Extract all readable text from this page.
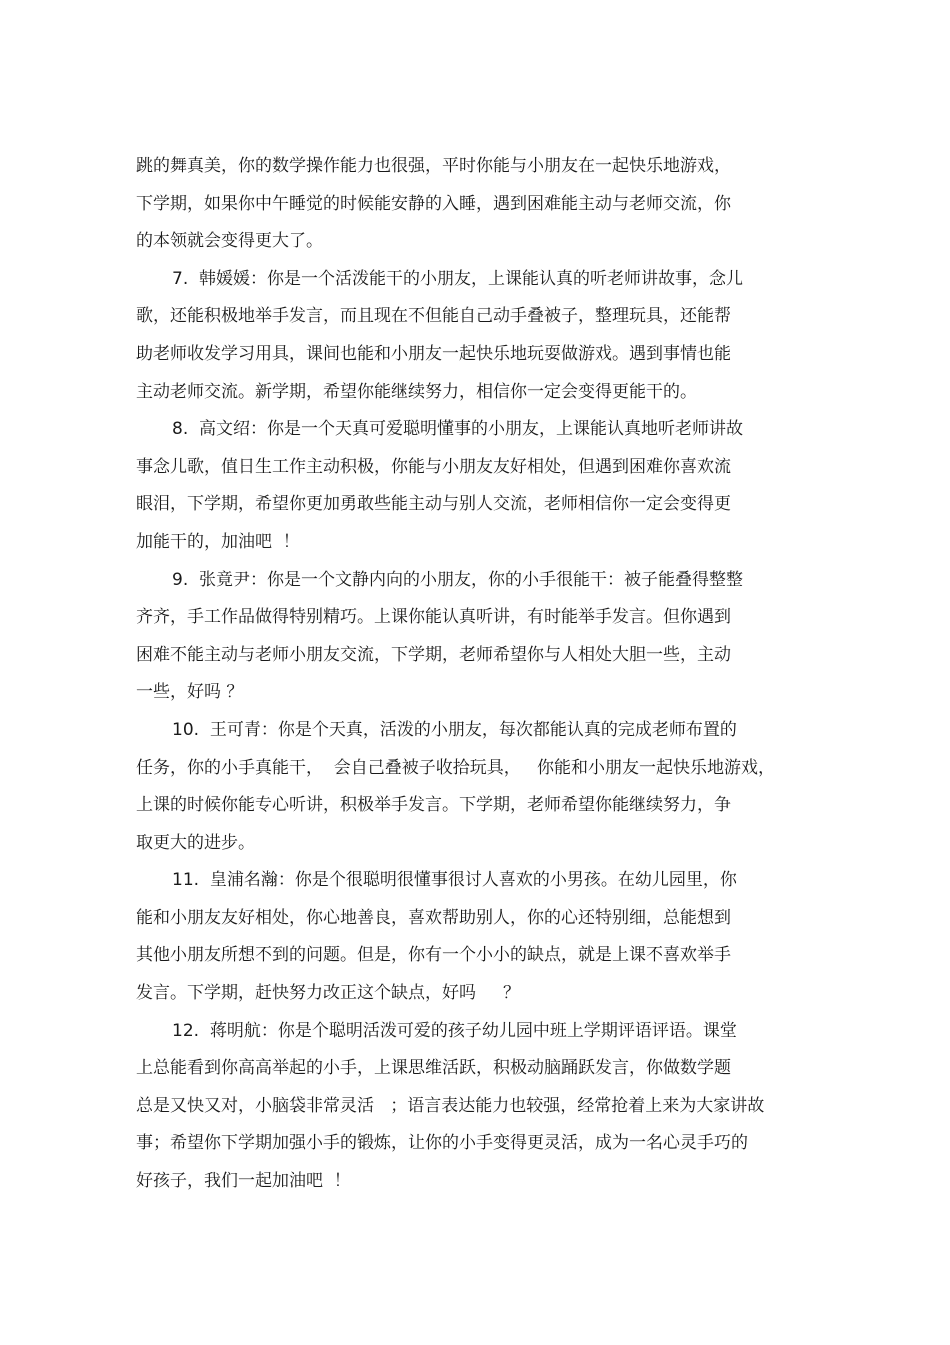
跳的舞真美，你的数学操作能力也很强，平时你能与小朋友在一起快乐地游戏，
下学期，如果你中午睡觉的时候能安静的入睡，遇到困难能主动与老师交流，你
的本领就会变得更大了。
7.  韩媛媛：你是一个活泼能干的小朋友，上课能认真的听老师讲故事，念儿
歌，还能积极地举手发言，而且现在不但能自己动手叠被子，整理玩具，还能帮
助老师收发学习用具，课间也能和小朋友一起快乐地玩耍做游戏。遇到事情也能
主动老师交流。新学期，希望你能继续努力，相信你一定会变得更能干的。
8.  高文绍：你是一个天真可爱聪明懂事的小朋友，上课能认真地听老师讲故
事念儿歌，值日生工作主动积极，你能与小朋友友好相处，但遇到困难你喜欢流
眼泪，下学期，希望你更加勇敢些能主动与别人交流，老师相信你一定会变得更
加能干的，加油吧  ！
9.  张竟尹：你是一个文静内向的小朋友，你的小手很能干：被子能叠得整整
齐齐，手工作品做得特别精巧。上课你能认真听讲，有时能举手发言。但你遇到
困难不能主动与老师小朋友交流，下学期，老师希望你与人相处大胆一些，主动
一些，好吗 ？
10.  王可青：你是个天真，活泼的小朋友，每次都能认真的完成老师布置的
任务，你的小手真能干，  会自己叠被子收拾玩具，   你能和小朋友一起快乐地游戏，
上课的时候你能专心听讲，积极举手发言。下学期，老师希望你能继续努力，争
取更大的进步。
11.  皇浦名瀚：你是个很聪明很懂事很讨人喜欢的小男孩。在幼儿园里，你
能和小朋友友好相处，你心地善良，喜欢帮助别人，你的心还特别细，总能想到
其他小朋友所想不到的问题。但是，你有一个小小的缺点，就是上课不喜欢举手
发言。下学期，赶快努力改正这个缺点，好吗     ？
12.  蒋明航：你是个聪明活泼可爱的孩子幼儿园中班上学期评语评语。课堂
上总能看到你高高举起的小手，上课思维活跃，积极动脑踊跃发言，你做数学题
总是又快又对，小脑袋非常灵活   ；语言表达能力也较强，经常抢着上来为大家讲故
事；希望你下学期加强小手的锻炼，让你的小手变得更灵活，成为一名心灵手巧的
好孩子，我们一起加油吧  ！
